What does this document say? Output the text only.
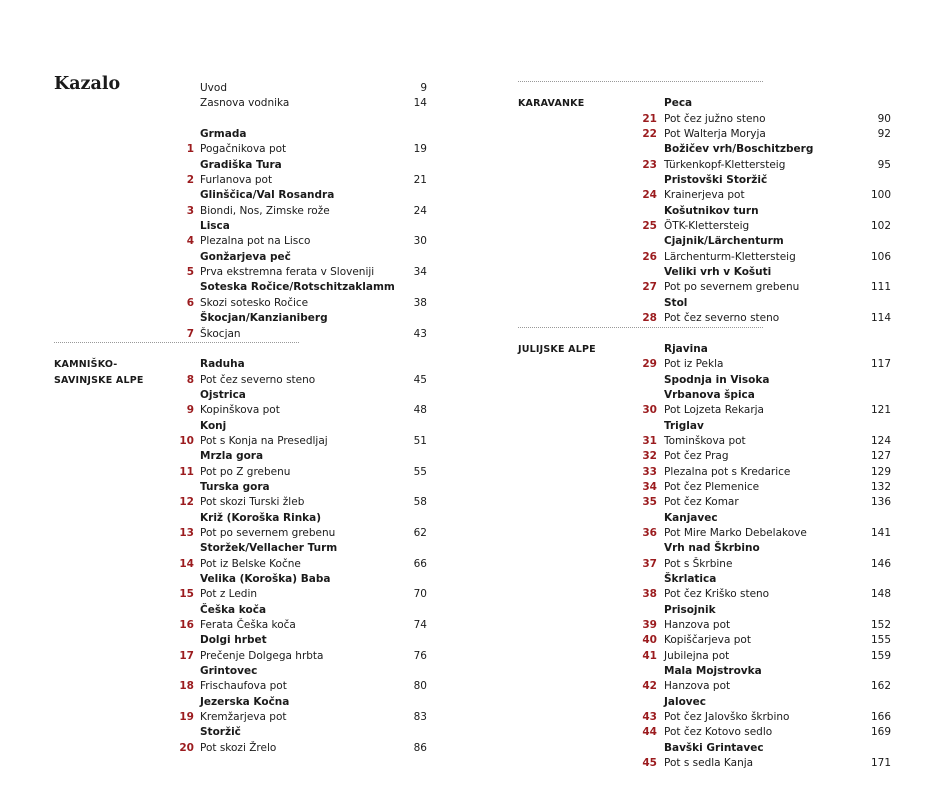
Kazalo	Uvod	9
Zasnova vodnika	14
Grmada
1 Pogačnikova pot	19
Gradiška Tura
2 Furlanova pot	21
Glinščica/Val Rosandra
3 Biondi, Nos, Zimske rože	24
Lisca
4 Plezalna pot na Lisco	30
Gonžarjeva peč
5 Prva ekstremna ferata v Sloveniji	34
Soteska Ročice/Rotschitzaklamm
6 Skozi sotesko Ročice	38
Škocjan/Kanzianiberg
7 Škocjan	43
KAMNIŠKO-	Raduha
SAVINJSKE ALPE	8 Pot čez severno steno	45
Ojstrica
9 Kopinškova pot	48
Konj
10 Pot s Konja na Presedljaj	51
Mrzla gora
11 Pot po Z grebenu	55
Turska gora
12 Pot skozi Turski žleb	58
Križ (Koroška Rinka)
13 Pot po severnem grebenu	62
Storžek/Vellacher Turm
14 Pot iz Belske Kočne	66
Velika (Koroška) Baba
15 Pot z Ledin	70
Češka koča
16 Ferata Češka koča	74
Dolgi hrbet
17 Prečenje Dolgega hrbta	76
Grintovec
18 Frischaufova pot	80
Jezerska Kočna
19 Kremžarjeva pot	83
Storžič
20 Pot skozi Žrelo	86
KARAVANKE	Peca
21 Pot čez južno steno	90
22 Pot Walterja Moryja	92
Božičev vrh/Boschitzberg
23 Türkenkopf-Klettersteig	95
Pristovški Storžič
24 Krainerjeva pot	100
Košutnikov turn
25 ÖTK-Klettersteig	102
Cjajnik/Lärchenturm
26 Lärchenturm-Klettersteig	106
Veliki vrh v Košuti
27 Pot po severnem grebenu	111
Stol
28 Pot čez severno steno	114
JULIJSKE ALPE	Rjavina
29 Pot iz Pekla	117
Spodnja in Visoka
Vrbanova špica
30 Pot Lojzeta Rekarja	121
Triglav
31 Tominškova pot	124
32 Pot čez Prag	127
33 Plezalna pot s Kredarice	129
34 Pot čez Plemenice	132
35 Pot čez Komar	136
Kanjavec
36 Pot Mire Marko Debelakove	141
Vrh nad Škrbino
37 Pot s Škrbine	146
Škrlatica
38 Pot čez Kriško steno	148
Prisojnik
39 Hanzova pot	152
40 Kopiščarjeva pot	155
41 Jubilejna pot	159
Mala Mojstrovka
42 Hanzova pot	162
Jalovec
43 Pot čez Jalovško škrbino	166
44 Pot čez Kotovo sedlo	169
Bavški Grintavec
45 Pot s sedla Kanja	171
